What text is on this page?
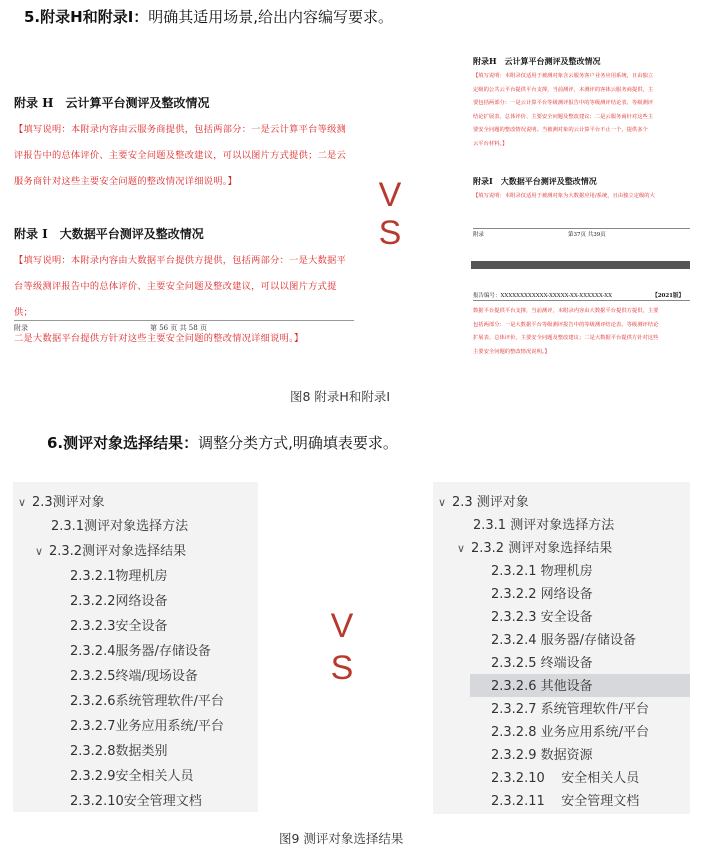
5.附录H和附录I：明确其适用场景,给出内容编写要求。
附录 H　云计算平台测评及整改情况
【填写说明：本附录内容由云服务商提供，包括两部分：一是云计算平台等级测
评报告中的总体评价、主要安全问题及整改建议，可以以图片方式提供；二是云
服务商针对这些主要安全问题的整改情况详细说明。】
附录 I　大数据平台测评及整改情况
【填写说明：本附录内容由大数据平台提供方提供，包括两部分：一是大数据平
台等级测评报告中的总体评价、主要安全问题及整改建议，可以以图片方式提供；
二是大数据平台提供方针对这些主要安全问题的整改情况详细说明。】
附录	第 56 页 共 58 页
V
S
附录H　云计算平台测评及整改情况
【填写说明：本附录仅适用于被测对象含云服务客户业务应用系统，且由独立
定级的公共云平台提供平台支撑，当前测评，本测评的客体云服务商提供，主
要包括两部分：一是云计算平台等级测评报告中的等级测评结论表、等级测评
结论扩展表、总体评价、主要安全问题及整改建议；二是云服务商针对这些主
要安全问题的整改情况说明。当被测对象的云计算平台不止一个，提供多个
云平台材料。】
附录I　大数据平台测评及整改情况
【填写说明：本附录仅适用于被测对象为大数据应用/系统，且由独立定级的大
附录	第37页 共39页
报告编号：XXXXXXXXXXXX-XXXXX-XX-XXXXXX-XX	【2021版】
数据平台提供平台支撑，当前测评，本附录内容由大数据平台提供方提供，主要
包括两部分：一是大数据平台等级测评报告中的等级测评结论表、等级测评结论
扩展表、总体评价、主要安全问题及整改建议；二是大数据平台提供方针对这些
主要安全问题的整改情况说明。】
图8 附录H和附录I
6.测评对象选择结果：调整分类方式,明确填表要求。
∨ 2.3测评对象
2.3.1测评对象选择方法
∨ 2.3.2测评对象选择结果
2.3.2.1物理机房
2.3.2.2网络设备
2.3.2.3安全设备
2.3.2.4服务器/存储设备
2.3.2.5终端/现场设备
2.3.2.6系统管理软件/平台
2.3.2.7业务应用系统/平台
2.3.2.8数据类别
2.3.2.9安全相关人员
2.3.2.10安全管理文档
V
S
∨ 2.3 测评对象
2.3.1 测评对象选择方法
∨ 2.3.2 测评对象选择结果
2.3.2.1 物理机房
2.3.2.2 网络设备
2.3.2.3 安全设备
2.3.2.4 服务器/存储设备
2.3.2.5 终端设备
2.3.2.6 其他设备
2.3.2.7 系统管理软件/平台
2.3.2.8 业务应用系统/平台
2.3.2.9 数据资源
2.3.2.10    安全相关人员
2.3.2.11    安全管理文档
图9 测评对象选择结果
